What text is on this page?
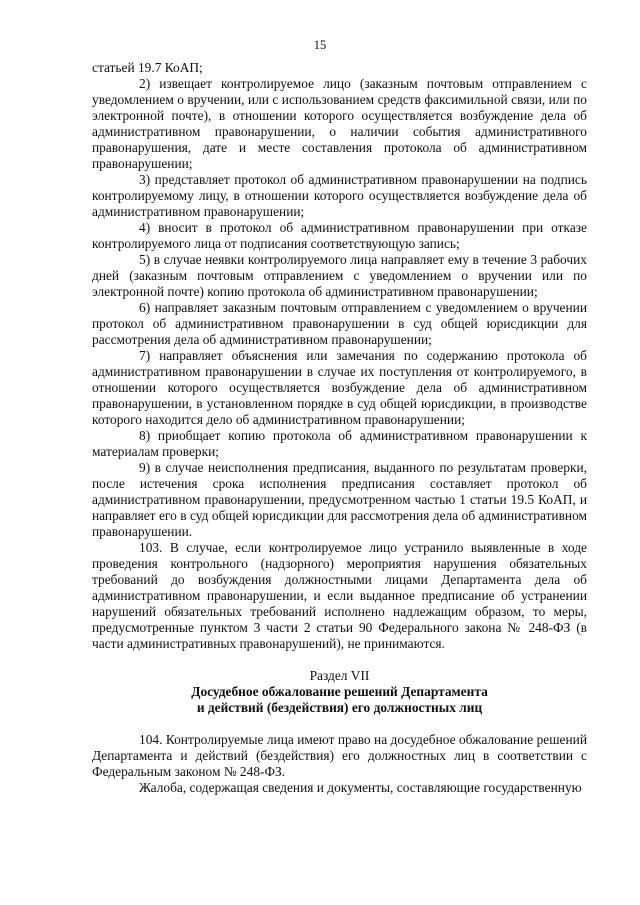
15

статьей 19.7 КоАП;

2) извещает контролируемое лицо (заказным почтовым отправлением с уведомлением о вручении, или с использованием средств факсимильной связи, или по электронной почте), в отношении которого осуществляется возбуждение дела об административном правонарушении, о наличии события административного правонарушения, дате и месте составления протокола об административном правонарушении;

3) представляет протокол об административном правонарушении на подпись контролируемому лицу, в отношении которого осуществляется возбуждение дела об административном правонарушении;

4) вносит в протокол об административном правонарушении при отказе контролируемого лица от подписания соответствующую запись;

5) в случае неявки контролируемого лица направляет ему в течение 3 рабочих дней (заказным почтовым отправлением с уведомлением о вручении или по электронной почте) копию протокола об административном правонарушении;

6) направляет заказным почтовым отправлением с уведомлением о вручении протокол об административном правонарушении в суд общей юрисдикции для рассмотрения дела об административном правонарушении;

7) направляет объяснения или замечания по содержанию протокола об административном правонарушении в случае их поступления от контролируемого, в отношении которого осуществляется возбуждение дела об административном правонарушении, в установленном порядке в суд общей юрисдикции, в производстве которого находится дело об административном правонарушении;

8) приобщает копию протокола об административном правонарушении к материалам проверки;

9) в случае неисполнения предписания, выданного по результатам проверки, после истечения срока исполнения предписания составляет протокол об административном правонарушении, предусмотренном частью 1 статьи 19.5 КоАП, и направляет его в суд общей юрисдикции для рассмотрения дела об административном правонарушении.

103. В случае, если контролируемое лицо устранило выявленные в ходе проведения контрольного (надзорного) мероприятия нарушения обязательных требований до возбуждения должностными лицами Департамента дела об административном правонарушении, и если выданное предписание об устранении нарушений обязательных требований исполнено надлежащим образом, то меры, предусмотренные пунктом 3 части 2 статьи 90 Федерального закона № 248-ФЗ (в части административных правонарушений), не принимаются.

Раздел VII

Досудебное обжалование решений Департамента

и действий (бездействия) его должностных лиц

104. Контролируемые лица имеют право на досудебное обжалование решений Департамента и действий (бездействия) его должностных лиц в соответствии с Федеральным законом № 248-ФЗ.

Жалоба, содержащая сведения и документы, составляющие государственную
